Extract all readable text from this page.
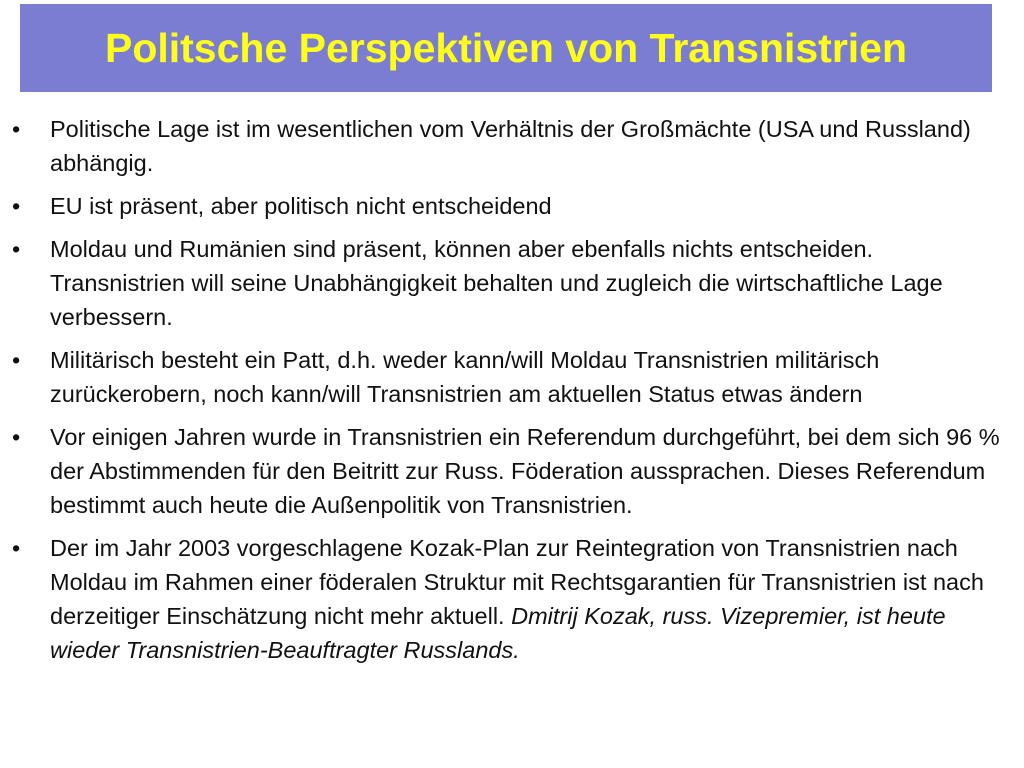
Politsche Perspektiven von Transnistrien
• Politische Lage ist im wesentlichen vom Verhältnis der Großmächte (USA und Russland) abhängig.
• EU ist präsent, aber politisch nicht entscheidend
• Moldau und Rumänien sind präsent, können aber ebenfalls nichts entscheiden. Transnistrien will seine Unabhängigkeit behalten und zugleich die wirtschaftliche Lage verbessern.
• Militärisch besteht ein Patt, d.h. weder kann/will Moldau Transnistrien militärisch zurückerobern, noch kann/will Transnistrien am aktuellen Status etwas ändern
• Vor einigen Jahren wurde in Transnistrien ein Referendum durchgeführt, bei dem sich 96 % der Abstimmenden für den Beitritt zur Russ. Föderation aussprachen. Dieses Referendum bestimmt auch heute die Außenpolitik von Transnistrien.
• Der im Jahr 2003 vorgeschlagene Kozak-Plan zur Reintegration von Transnistrien nach Moldau im Rahmen einer föderalen Struktur mit Rechtsgarantien für Transnistrien ist nach derzeitiger Einschätzung nicht mehr aktuell. Dmitrij Kozak, russ. Vizepremier, ist heute wieder Transnistrien-Beauftragter Russlands.
